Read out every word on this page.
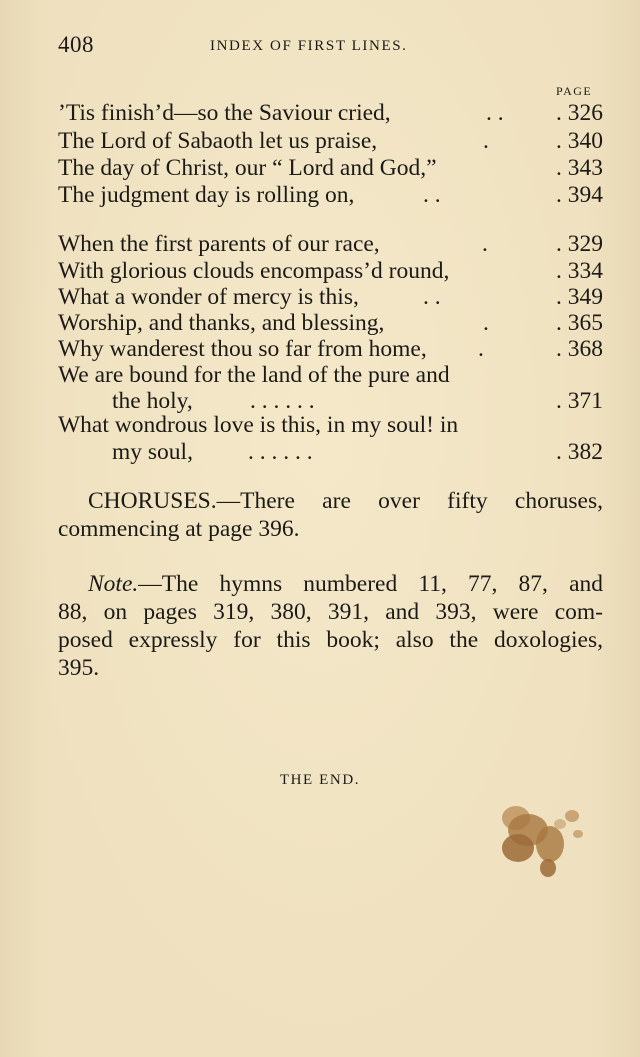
408	INDEX OF FIRST LINES.
PAGE
’Tis finish’d—so the Saviour cried,	. . . 326
The Lord of Sabaoth let us praise,	.	. 340
The day of Christ, our “ Lord and God,”	. 343
The judgment day is rolling on,	. .	. 394
When the first parents of our race,	.	. 329
With glorious clouds encompass’d round,	. 334
What a wonder of mercy is this,	. .	. 349
Worship, and thanks, and blessing,	.	. 365
Why wanderest thou so far from home, .	. 368
We are bound for the land of the pure and
the holy, . . . . . .	. 371
What wondrous love is this, in my soul! in
my soul, . . . . . .	. 382
CHORUSES.—There are over fifty choruses,
commencing at page 396.
Note.—The hymns numbered 11, 77, 87, and
88, on pages 319, 380, 391, and 393, were com-
posed expressly for this book; also the doxologies,
395.
THE END.
